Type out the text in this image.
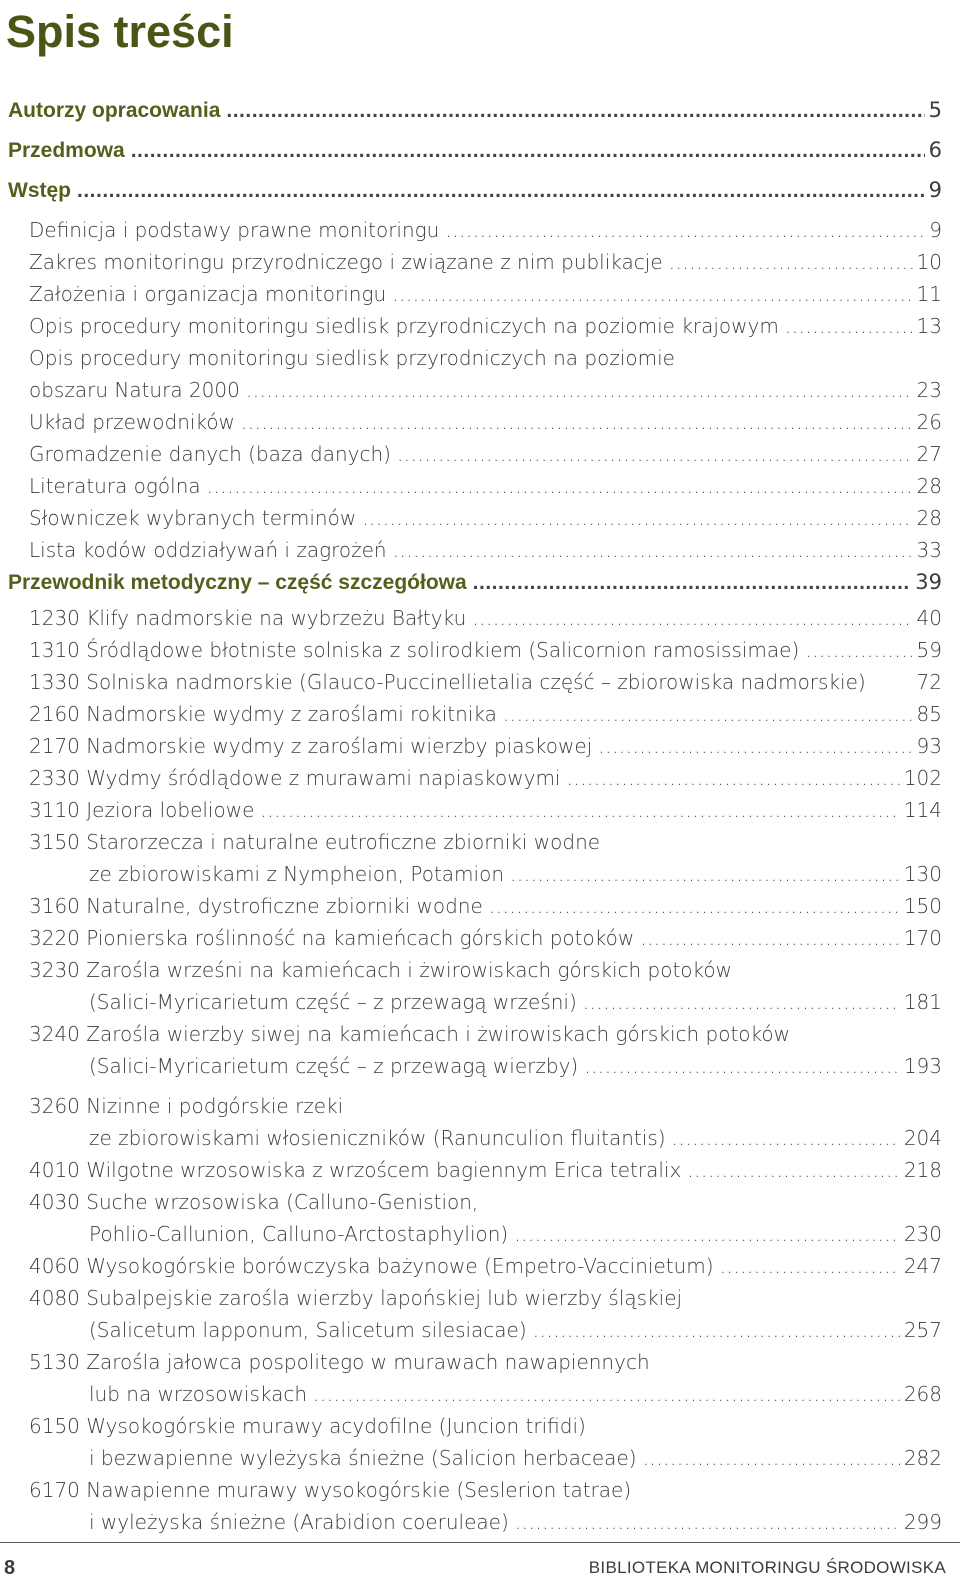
Spis treści
Autorzy opracowania .....	5
Przedmowa .....	6
Wstęp .....	9
Definicja i podstawy prawne monitoringu .....	9
Zakres monitoringu przyrodniczego i związane z nim publikacje .....	10
Założenia i organizacja monitoringu .....	11
Opis procedury monitoringu siedlisk przyrodniczych na poziomie krajowym .....	13
Opis procedury monitoringu siedlisk przyrodniczych na poziomie
obszaru Natura 2000 .....	23
Układ przewodników .....	26
Gromadzenie danych (baza danych) .....	27
Literatura ogólna .....	28
Słowniczek wybranych terminów .....	28
Lista kodów oddziaływań i zagrożeń .....	33
Przewodnik metodyczny – część szczegółowa .....	39
1230 Klify nadmorskie na wybrzeżu Bałtyku .....	40
1310 Śródlądowe błotniste solniska z solirodkiem (Salicornion ramosissimae) .....	59
1330 Solniska nadmorskie (Glauco-Puccinellietalia część – zbiorowiska nadmorskie)	72
2160 Nadmorskie wydmy z zaroślami rokitnika .....	85
2170 Nadmorskie wydmy z zaroślami wierzby piaskowej .....	93
2330 Wydmy śródlądowe z murawami napiaskowymi .....	102
3110 Jeziora lobeliowe .....	114
3150 Starorzecza i naturalne eutroficzne zbiorniki wodne
ze zbiorowiskami z Nympheion, Potamion .....	130
3160 Naturalne, dystroficzne zbiorniki wodne .....	150
3220 Pionierska roślinność na kamieńcach górskich potoków .....	170
3230 Zarośla wrześni na kamieńcach i żwirowiskach górskich potoków
(Salici-Myricarietum część – z przewagą wrześni) .....	181
3240 Zarośla wierzby siwej na kamieńcach i żwirowiskach górskich potoków
(Salici-Myricarietum część – z przewagą wierzby) .....	193
3260 Nizinne i podgórskie rzeki
ze zbiorowiskami włosieniczników (Ranunculion fluitantis) .....	204
4010 Wilgotne wrzosowiska z wrzoścem bagiennym Erica tetralix .....	218
4030 Suche wrzosowiska (Calluno-Genistion,
Pohlio-Callunion, Calluno-Arctostaphylion) .....	230
4060 Wysokogórskie borówczyska bażynowe (Empetro-Vaccinietum) .....	247
4080 Subalpejskie zarośla wierzby lapońskiej lub wierzby śląskiej
(Salicetum lapponum, Salicetum silesiacae) .....	257
5130 Zarośla jałowca pospolitego w murawach nawapiennych
lub na wrzosowiskach .....	268
6150 Wysokogórskie murawy acydofilne (Juncion trifidi)
i bezwapienne wyleżyska śnieżne (Salicion herbaceae) .....	282
6170 Nawapienne murawy wysokogórskie (Seslerion tatrae)
i wyleżyska śnieżne (Arabidion coeruleae) .....	299
8	BIBLIOTEKA MONITORINGU ŚRODOWISKA
